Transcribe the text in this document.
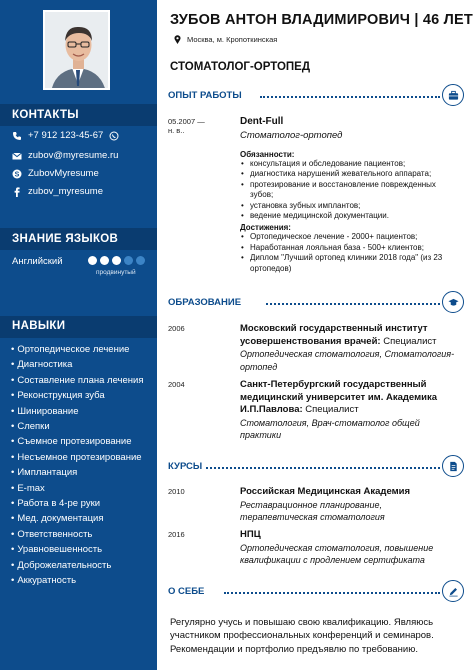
КОНТАКТЫ
+7 912 123-45-67
zubov@myresume.ru
S ZubovMyresume
zubov_myresume
ЗНАНИЕ ЯЗЫКОВ
Английский
продвинутый
НАВЫКИ
• Ортопедическое лечение
• Диагностика
• Составление плана лечения
• Реконструкция зуба
• Шинирование
• Слепки
• Съемное протезирование
• Несъемное протезирование
• Имплантация
• E-max
• Работа в 4-ре руки
• Мед. документация
• Ответственность
• Уравновешенность
• Доброжелательность
• Аккуратность
ЗУБОВ АНТОН ВЛАДИМИРОВИЧ | 46 ЛЕТ
Москва, м. Кропоткинская
СТОМАТОЛОГ-ОРТОПЕД
ОПЫТ РАБОТЫ
05.2007 —
н. в..
Dent-Full
Стоматолог-ортопед
Обязанности:
• консультация и обследование пациентов;
• диагностика нарушений жевательного аппарата;
• протезирование и восстановление поврежденных зубов;
• установка зубных имплантов;
• ведение медицинской документации.
Достижения:
• Ортопедическое лечение - 2000+ пациентов;
• Наработанная лояльная база - 500+ клиентов;
• Диплом "Лучший ортопед клиники 2018 года" (из 23 ортопедов)
ОБРАЗОВАНИЕ
2006	Московский государственный институт усовершенствования врачей: Специалист
Ортопедическая стоматология, Стоматология-ортопед
2004	Санкт-Петербургский государственный медицинский университет им. Академика И.П.Павлова: Специалист
Стоматология, Врач-стоматолог общей практики
КУРСЫ
2010	Российская Медицинская Академия
Реставрационное планирование, терапевтическая стоматология
2016	НПЦ
Ортопедическая стоматология, повышение квалификации с продлением сертификата
О СЕБЕ
Регулярно учусь и повышаю свою квалификацию. Являюсь участником профессиональных конференций и семинаров. Рекомендации и портфолио предъявлю по требованию.
